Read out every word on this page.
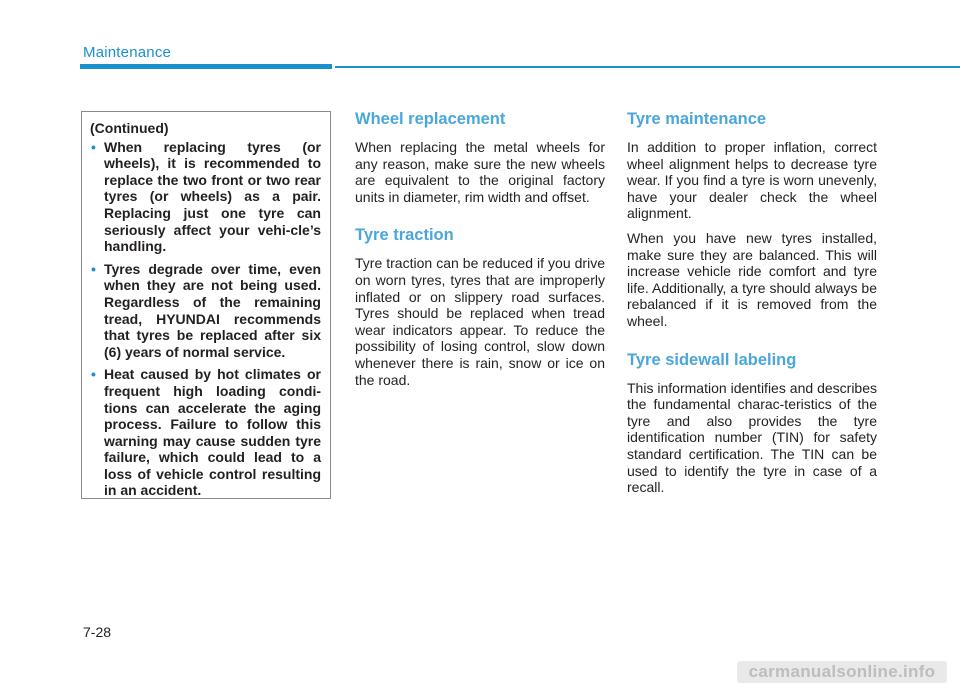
Maintenance
(Continued)
• When replacing tyres (or wheels), it is recommended to replace the two front or two rear tyres (or wheels) as a pair. Replacing just one tyre can seriously affect your vehi-cle’s handling.
• Tyres degrade over time, even when they are not being used. Regardless of the remaining tread, HYUNDAI recommends that tyres be replaced after six (6) years of normal service.
• Heat caused by hot climates or frequent high loading condi-tions can accelerate the aging process. Failure to follow this warning may cause sudden tyre failure, which could lead to a loss of vehicle control resulting in an accident.
Wheel replacement

When replacing the metal wheels for any reason, make sure the new wheels are equivalent to the original factory units in diameter, rim width and offset.

Tyre traction

Tyre traction can be reduced if you drive on worn tyres, tyres that are improperly inflated or on slippery road surfaces. Tyres should be replaced when tread wear indicators appear. To reduce the possibility of losing control, slow down whenever there is rain, snow or ice on the road.

Tyre maintenance

In addition to proper inflation, correct wheel alignment helps to decrease tyre wear. If you find a tyre is worn unevenly, have your dealer check the wheel alignment.

When you have new tyres installed, make sure they are balanced. This will increase vehicle ride comfort and tyre life. Additionally, a tyre should always be rebalanced if it is removed from the wheel.

Tyre sidewall labeling

This information identifies and describes the fundamental charac-teristics of the tyre and also provides the tyre identification number (TIN) for safety standard certification. The TIN can be used to identify the tyre in case of a recall.

7-28
carmanualsonline.info
